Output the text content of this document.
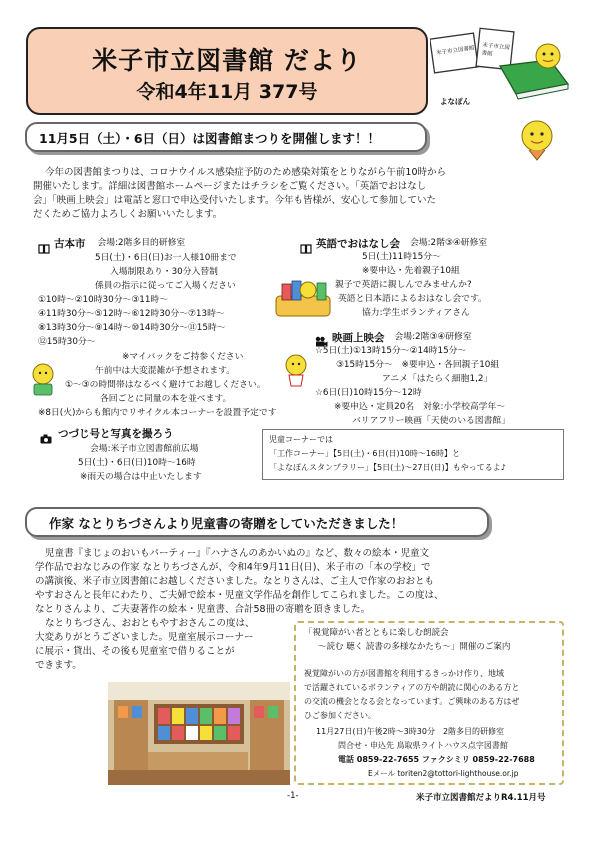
米子市立図書館 だより
令和4年11月 377号
米子市立図書館 米子市立図書館
よなぽん
11月5日（土）・6日（日）は図書館まつりを開催します！！
今年の図書館まつりは、コロナウイルス感染症予防のため感染対策をとりながら午前10時から
開催いたします。詳細は図書館ホームページまたはチラシをご覧ください。「英語でおはなし
会」「映画上映会」は電話と窓口で申込受付いたします。今年も皆様が、安心して参加していた
だくためご協力よろしくお願いいたします。
古本市 会場:2階多目的研修室
5日(土)・6日(日)お一人様10冊まで
入場制限あり・30分入替制
係員の指示に従ってご入場ください
①10時～②10時30分～③11時～
④11時30分～⑤12時～⑥12時30分～⑦13時～
⑧13時30分～⑨14時～⑩14時30分～⑪15時～
⑫15時30分～
※マイバックをご持参ください
午前中は大変混雑が予想されます。
①～③の時間帯はなるべく避けてお越しください。
各回ごとに同量の本を並べます。
※8日(火)からも館内でリサイクル本コーナーを設置予定です
英語でおはなし会 会場:2階③④研修室
5日(土)11時15分～
※要申込・先着親子10組
親子で英語に親しんでみませんか?
英語と日本語によるおはなし会です。
協力:学生ボランティアさん
映画上映会 会場:2階③④研修室
☆5日(土)①13時15分～②14時15分～
③15時15分～　※要申込・各回親子10組
アニメ「はたらく細胞1,2」
☆6日(日)10時15分～12時
※要申込・定員20名　対象:小学校高学年～
バリアフリー映画「天使のいる図書館」
つづじ号と写真を撮ろう
会場:米子市立図書館前広場
5日(土)・6日(日)10時～16時
※雨天の場合は中止いたします
児童コーナーでは
「工作コーナー」【5日(土)・6日(日)10時～16時】と
「よなぽんスタンプラリー」【5日(土)～27日(日)】もやってるよ♪
作家 なとりちづさんより児童書の寄贈をしていただきました！
児童書『まじょのおいもパーティー』『ハナさんのあかいぬの』など、数々の絵本・児童文
学作品でおなじみの作家 なとりちづさんが、令和4年9月11日(日)、米子市の「本の学校」で
の講演後、米子市立図書館にお越しくださいました。なとりさんは、ご主人で作家のおおとも
やすおさんと長年にわたり、ご夫婦で絵本・児童文学作品を創作してこられました。この度は、
なとりさんより、ご夫妻著作の絵本・児童書、合計58冊の寄贈を頂きました。
なとりちづさん、おおともやすおさんこの度は、
大変ありがとうございました。児童室展示コーナー
に展示・貸出、その後も児童室で借りることが
できます。
「視覚障がい者とともに楽しむ朗読会
～読む 聴く 読書の多様なかたち～」開催のご案内
視覚障がいの方が図書館を利用するきっかけ作り、地域
で活躍されているボランティアの方や朗読に関心のある方と
の交流の機会となる会となっています。ご興味のある方はぜ
ひご参加ください。
11月27日(日)午後2時～3時30分　2階多目的研修室
問合せ・申込先 鳥取県ライトハウス点字図書館
電話 0859-22-7655 ファクシミリ 0859-22-7688
Eメール toriten2@tottori-lighthouse.or.jp
-1-	米子市立図書館だよりR4.11月号
